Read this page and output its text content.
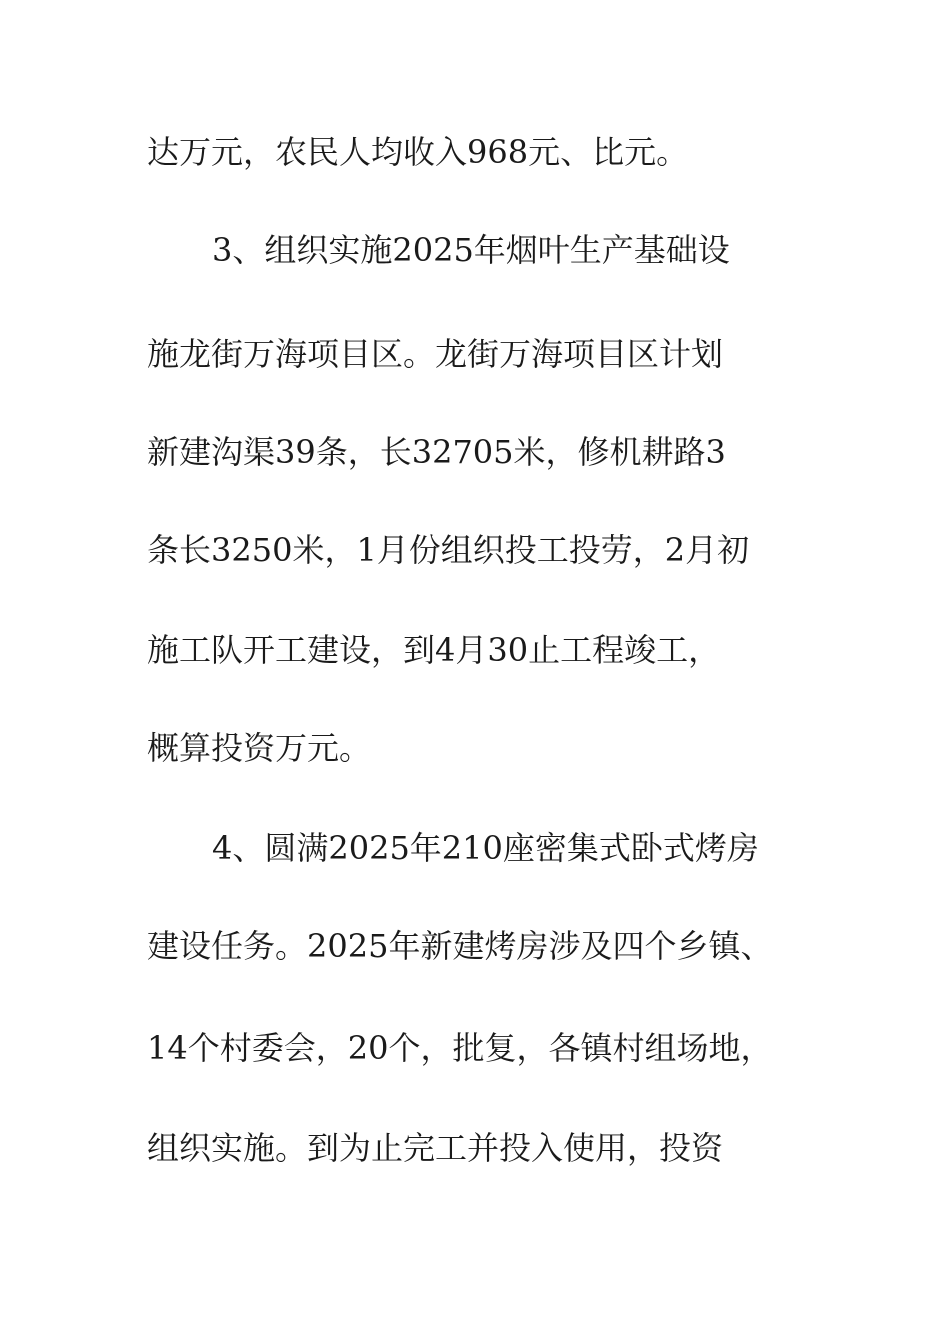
达万元，农民人均收入968元、比元。
3、组织实施2025年烟叶生产基础设
施龙街万海项目区。龙街万海项目区计划
新建沟渠39条，长32705米，修机耕路3
条长3250米，1月份组织投工投劳，2月初
施工队开工建设，到4月30止工程竣工，
概算投资万元。
4、圆满2025年210座密集式卧式烤房
建设任务。2025年新建烤房涉及四个乡镇、
14个村委会，20个，批复，各镇村组场地，
组织实施。到为止完工并投入使用，投资
